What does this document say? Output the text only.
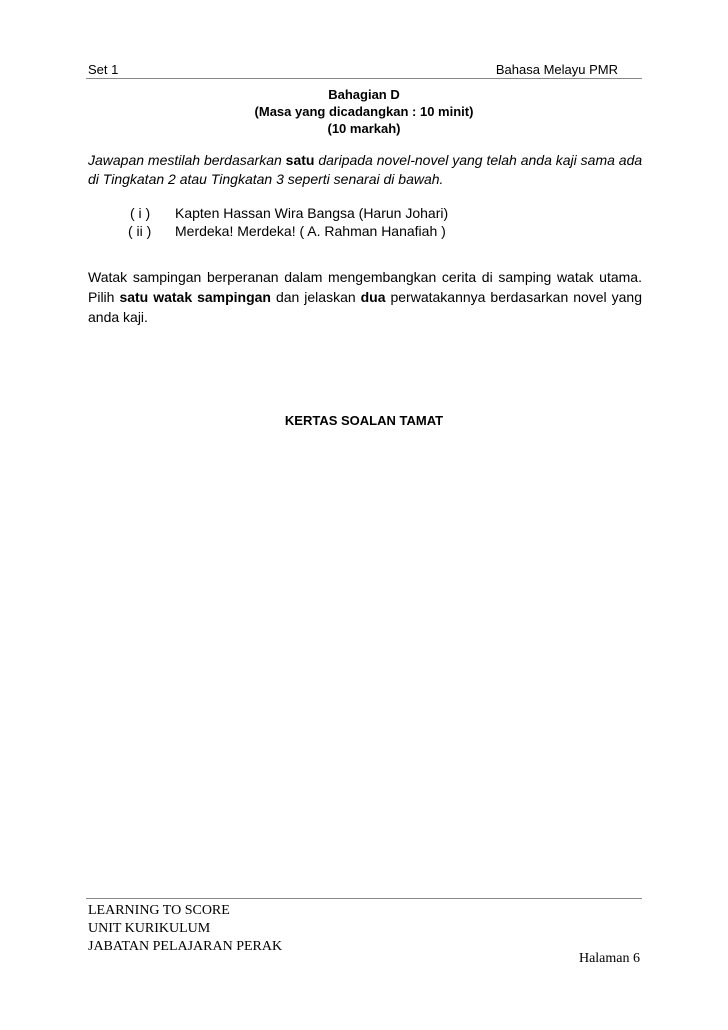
Set 1	Bahasa Melayu PMR
Bahagian D
(Masa yang dicadangkan : 10 minit)
(10 markah)
Jawapan mestilah berdasarkan satu daripada novel-novel yang telah anda kaji sama ada di Tingkatan 2 atau Tingkatan 3 seperti senarai di bawah.
( i ) Kapten Hassan Wira Bangsa (Harun Johari)
( ii ) Merdeka! Merdeka! ( A. Rahman Hanafiah )
Watak sampingan berperanan dalam mengembangkan cerita di samping watak utama. Pilih satu watak sampingan dan jelaskan dua perwatakannya berdasarkan novel yang anda kaji.
KERTAS SOALAN TAMAT
LEARNING TO SCORE
UNIT KURIKULUM
JABATAN PELAJARAN PERAK
Halaman 6
